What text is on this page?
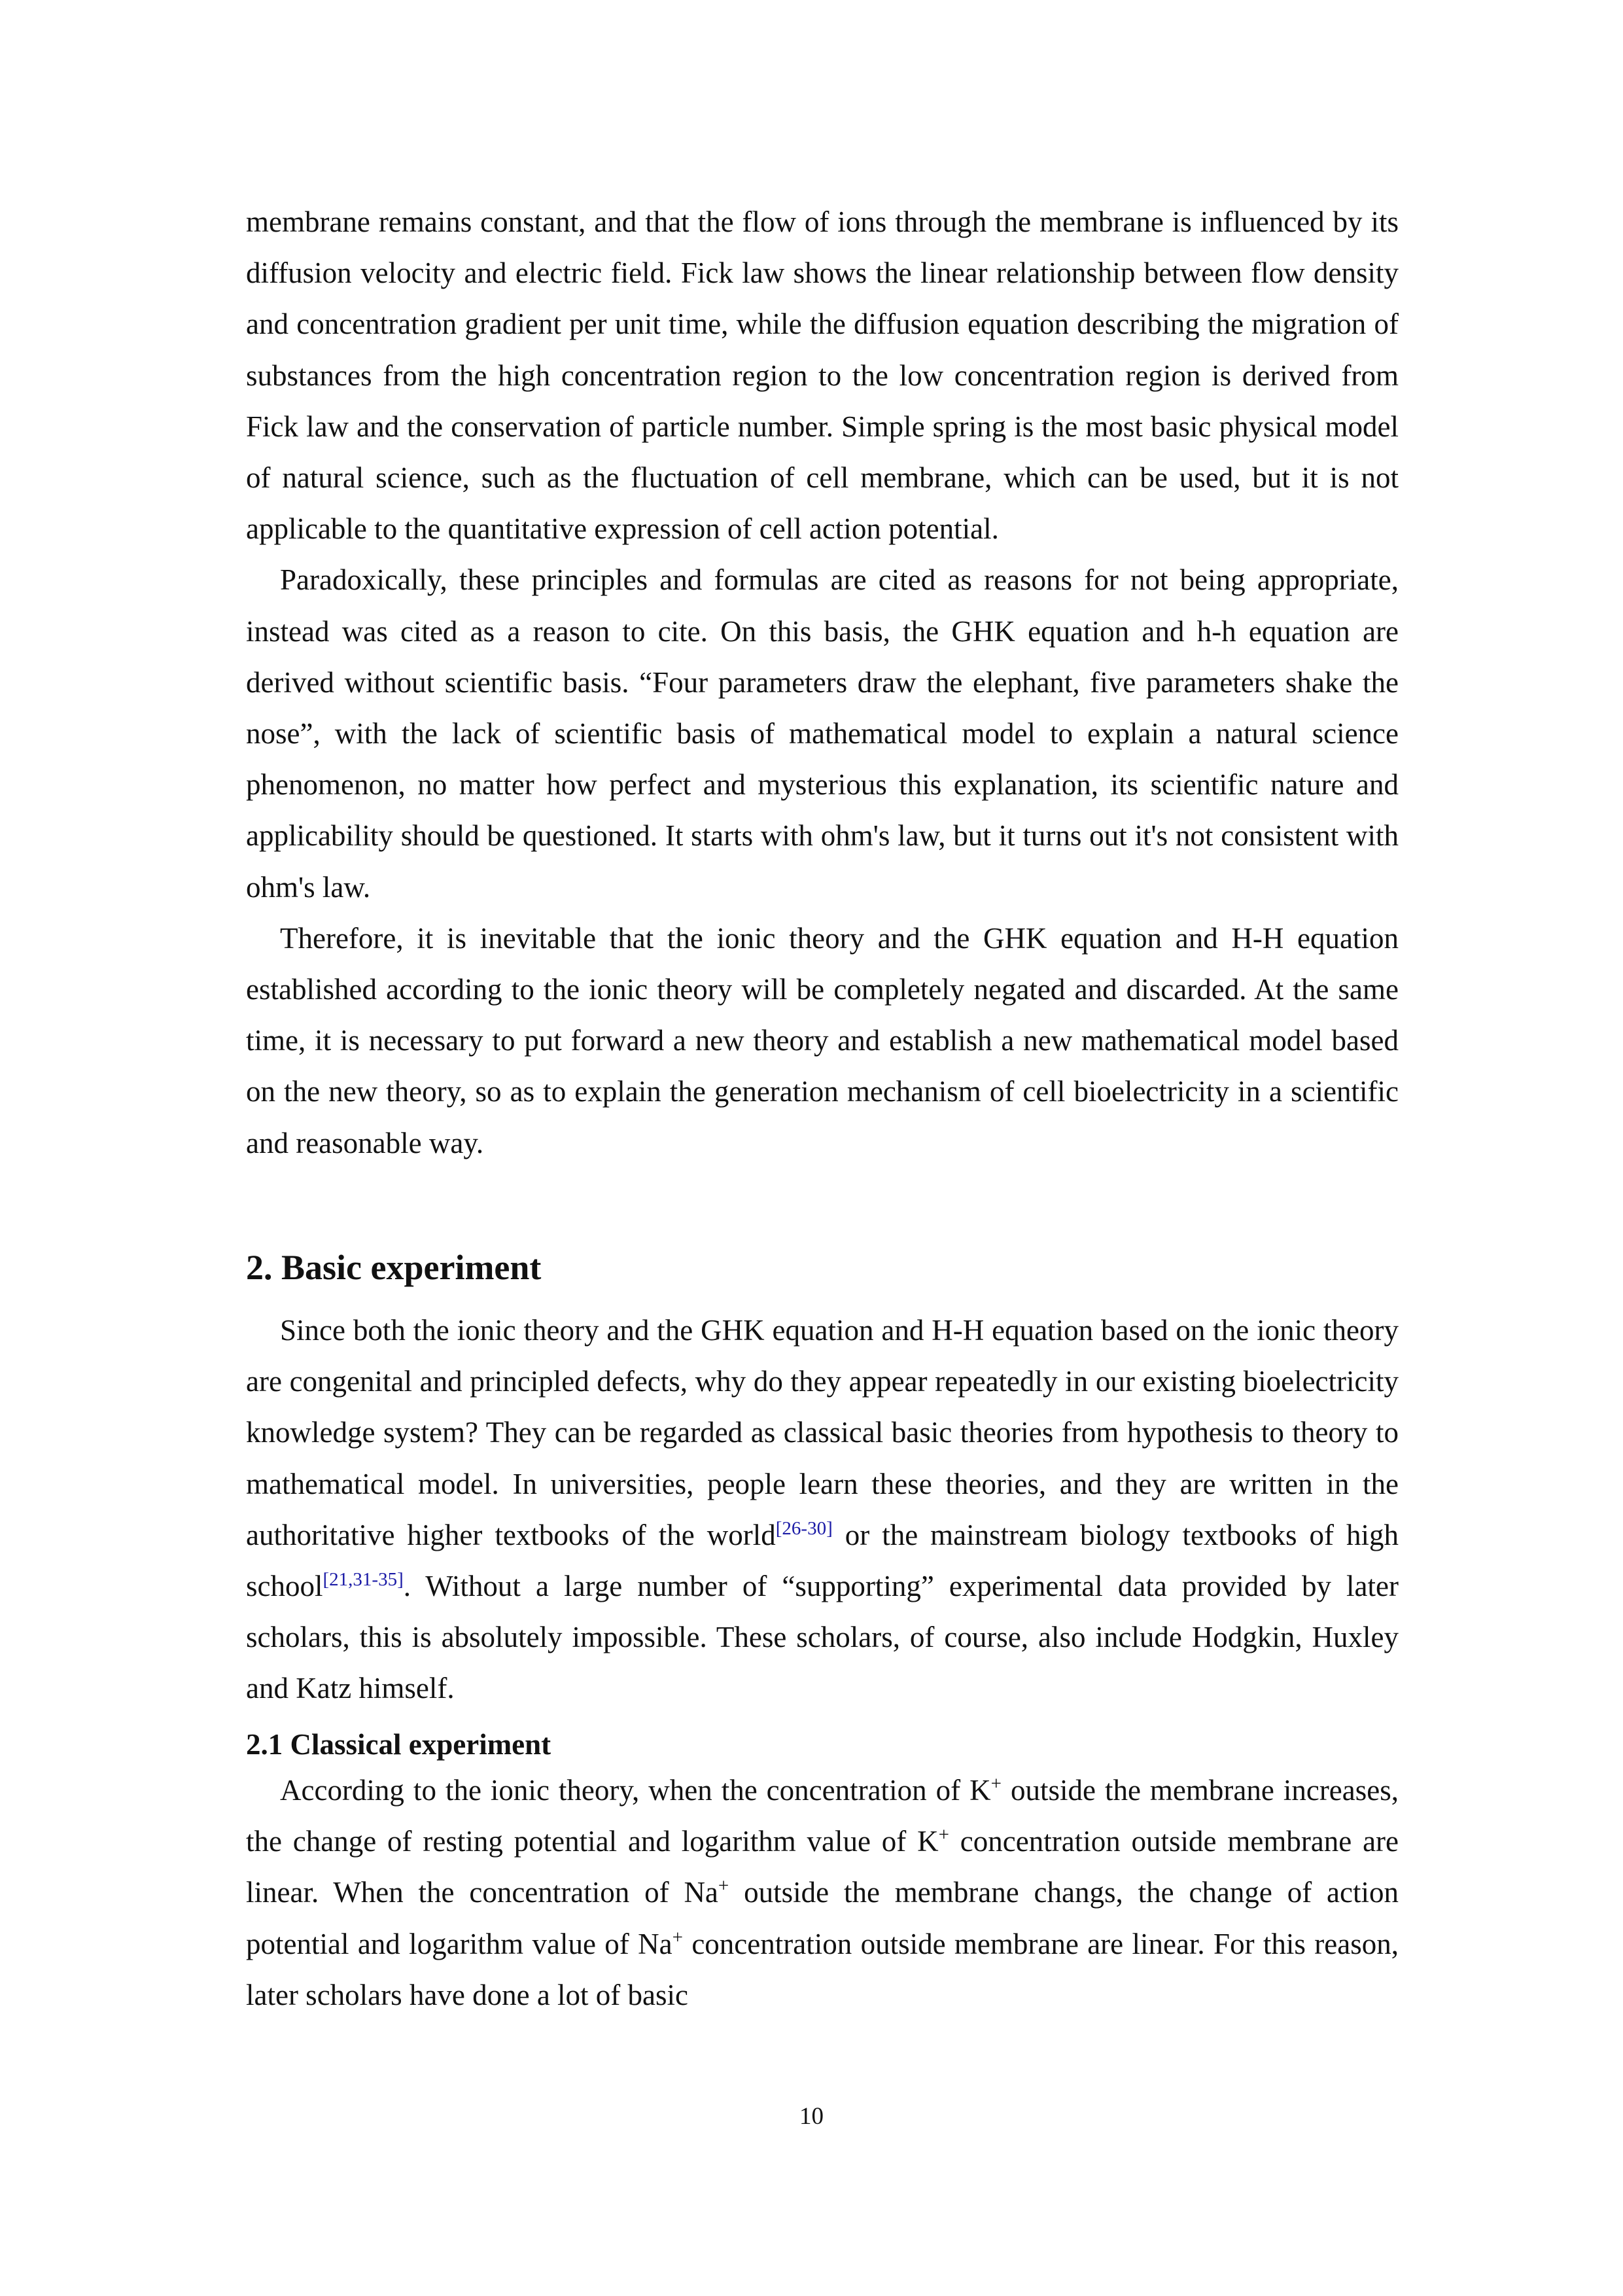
membrane remains constant, and that the flow of ions through the membrane is influenced by its diffusion velocity and electric field. Fick law shows the linear relationship between flow density and concentration gradient per unit time, while the diffusion equation describing the migration of substances from the high concentration region to the low concentration region is derived from Fick law and the conservation of particle number. Simple spring is the most basic physical model of natural science, such as the fluctuation of cell membrane, which can be used, but it is not applicable to the quantitative expression of cell action potential.

Paradoxically, these principles and formulas are cited as reasons for not being appropriate, instead was cited as a reason to cite. On this basis, the GHK equation and h-h equation are derived without scientific basis. “Four parameters draw the elephant, five parameters shake the nose”, with the lack of scientific basis of mathematical model to explain a natural science phenomenon, no matter how perfect and mysterious this explanation, its scientific nature and applicability should be questioned. It starts with ohm's law, but it turns out it's not consistent with ohm's law.

Therefore, it is inevitable that the ionic theory and the GHK equation and H-H equation established according to the ionic theory will be completely negated and discarded. At the same time, it is necessary to put forward a new theory and establish a new mathematical model based on the new theory, so as to explain the generation mechanism of cell bioelectricity in a scientific and reasonable way.

2. Basic experiment

Since both the ionic theory and the GHK equation and H-H equation based on the ionic theory are congenital and principled defects, why do they appear repeatedly in our existing bioelectricity knowledge system? They can be regarded as classical basic theories from hypothesis to theory to mathematical model. In universities, people learn these theories, and they are written in the authoritative higher textbooks of the world[26-30] or the mainstream biology textbooks of high school[21,31-35]. Without a large number of “supporting” experimental data provided by later scholars, this is absolutely impossible. These scholars, of course, also include Hodgkin, Huxley and Katz himself.

2.1 Classical experiment

According to the ionic theory, when the concentration of K+ outside the membrane increases, the change of resting potential and logarithm value of K+ concentration outside membrane are linear. When the concentration of Na+ outside the membrane changs, the change of action potential and logarithm value of Na+ concentration outside membrane are linear. For this reason, later scholars have done a lot of basic

10
